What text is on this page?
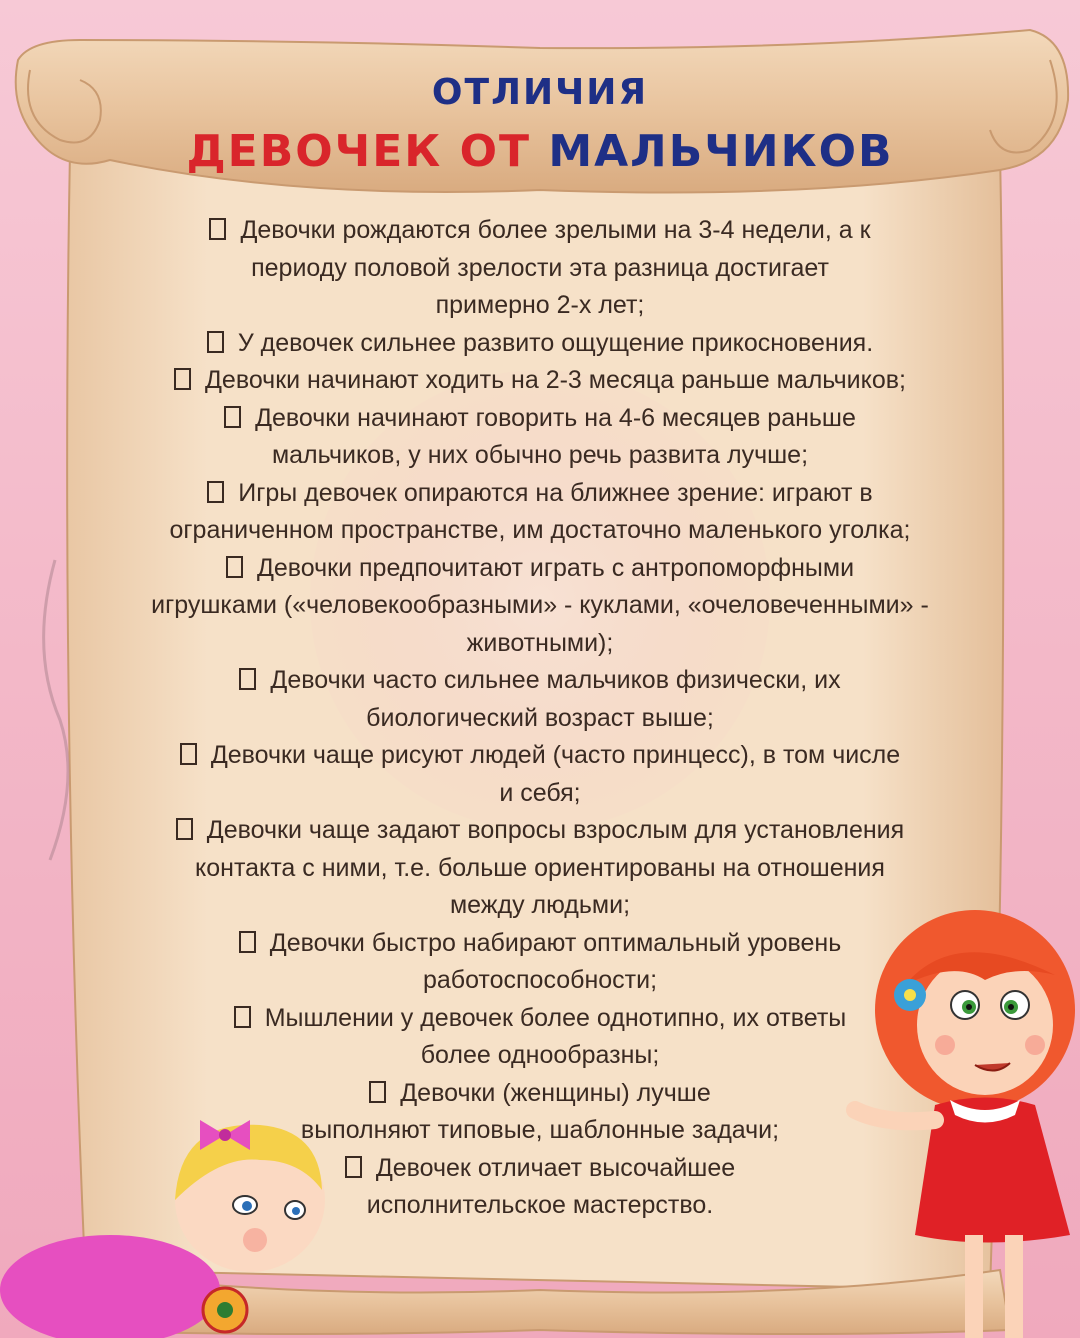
ОТЛИЧИЯ
ДЕВОЧЕК ОТ МАЛЬЧИКОВ
Девочки рождаются более зрелыми на 3-4 недели, а к
периоду половой зрелости эта разница достигает
примерно 2-х лет;
У девочек сильнее развито ощущение прикосновения.
Девочки начинают ходить на 2-3 месяца раньше мальчиков;
Девочки начинают говорить на 4-6 месяцев раньше
мальчиков, у них обычно речь развита лучше;
Игры девочек опираются на ближнее зрение: играют в
ограниченном пространстве, им достаточно маленького уголка;
Девочки предпочитают играть с антропоморфными
игрушками («человекообразными» - куклами, «очеловеченными» -
животными);
Девочки часто сильнее мальчиков физически, их
биологический возраст выше;
Девочки чаще рисуют людей (часто принцесс), в том числе
и себя;
Девочки чаще задают вопросы взрослым для установления
контакта с ними, т.е. больше ориентированы на отношения
между людьми;
Девочки быстро набирают оптимальный уровень
работоспособности;
Мышлении у девочек более однотипно, их ответы
более однообразны;
Девочки (женщины) лучше
выполняют типовые, шаблонные задачи;
Девочек отличает высочайшее
исполнительское мастерство.
